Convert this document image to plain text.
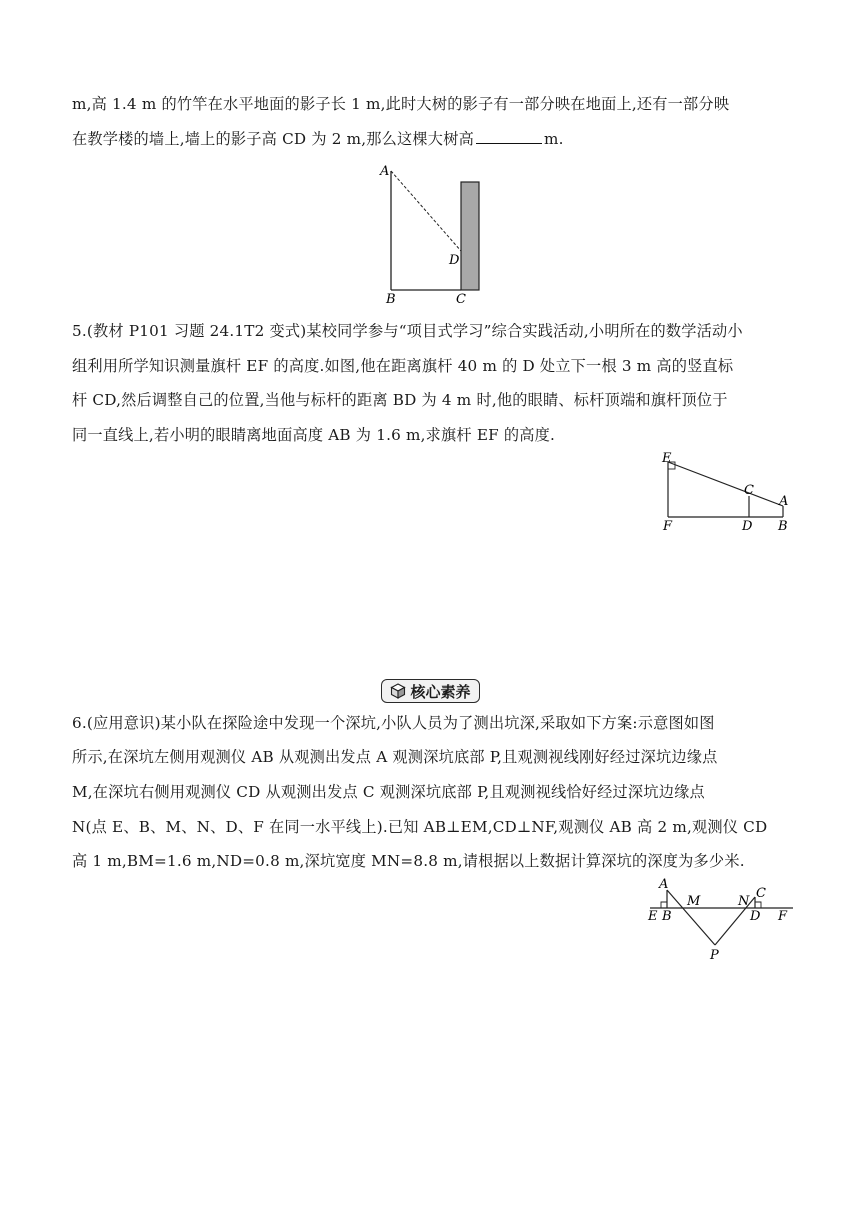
m,高 1.4 m 的竹竿在水平地面的影子长 1 m,此时大树的影子有一部分映在地面上,还有一部分映
在教学楼的墙上,墙上的影子高 CD 为 2 m,那么这棵大树高	m.
A
B	C
D
5.(教材 P101 习题 24.1T2 变式)某校同学参与“项目式学习”综合实践活动,小明所在的数学活动小
组利用所学知识测量旗杆 EF 的高度.如图,他在距离旗杆 40 m 的 D 处立下一根 3 m 高的竖直标
杆 CD,然后调整自己的位置,当他与标杆的距离 BD 为 4 m 时,他的眼睛、标杆顶端和旗杆顶位于
同一直线上,若小明的眼睛离地面高度 AB 为 1.6 m,求旗杆 EF 的高度.
E
C
A
F	D B
核心素养
6.(应用意识)某小队在探险途中发现一个深坑,小队人员为了测出坑深,采取如下方案:示意图如图
所示,在深坑左侧用观测仪 AB 从观测出发点 A 观测深坑底部 P,且观测视线刚好经过深坑边缘点
M,在深坑右侧用观测仪 CD 从观测出发点 C 观测深坑底部 P,且观测视线恰好经过深坑边缘点
N(点 E、B、M、N、D、F 在同一水平线上).已知 AB⊥EM,CD⊥NF,观测仪 AB 高 2 m,观测仪 CD
高 1 m,BM=1.6 m,ND=0.8 m,深坑宽度 MN=8.8 m,请根据以上数据计算深坑的深度为多少米.
A
M	N
C
E B	D F
P
